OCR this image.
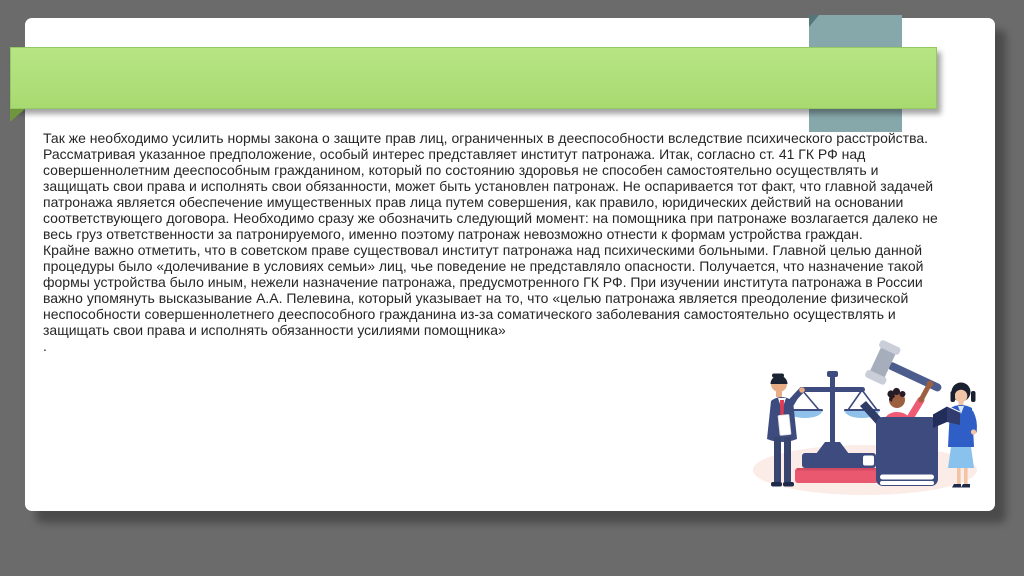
Так же необходимо усилить нормы закона о защите прав лиц, ограниченных в дееспособности вследствие психического расстройства.
Рассматривая указанное предположение, особый интерес представляет институт патронажа. Итак, согласно ст. 41 ГК РФ над
совершеннолетним дееспособным гражданином, который по состоянию здоровья не способен самостоятельно осуществлять и
защищать свои права и исполнять свои обязанности, может быть установлен патронаж. Не оспаривается тот факт, что главной задачей
патронажа является обеспечение имущественных прав лица путем совершения, как правило, юридических действий на основании
соответствующего договора. Необходимо сразу же обозначить следующий момент: на помощника при патронаже возлагается далеко не
весь груз ответственности за патронируемого, именно поэтому патронаж невозможно отнести к формам устройства граждан.
Крайне важно отметить, что в советском праве существовал институт патронажа над психическими больными. Главной целью данной
процедуры было «долечивание в условиях семьи» лиц, чье поведение не представляло опасности. Получается, что назначение такой
формы устройства было иным, нежели назначение патронажа, предусмотренного ГК РФ. При изучении института патронажа в России
важно упомянуть высказывание А.А. Пелевина, который указывает на то, что «целью патронажа является преодоление физической
неспособности совершеннолетнего дееспособного гражданина из-за соматического заболевания самостоятельно осуществлять и
защищать свои права и исполнять обязанности усилиями помощника»
.
